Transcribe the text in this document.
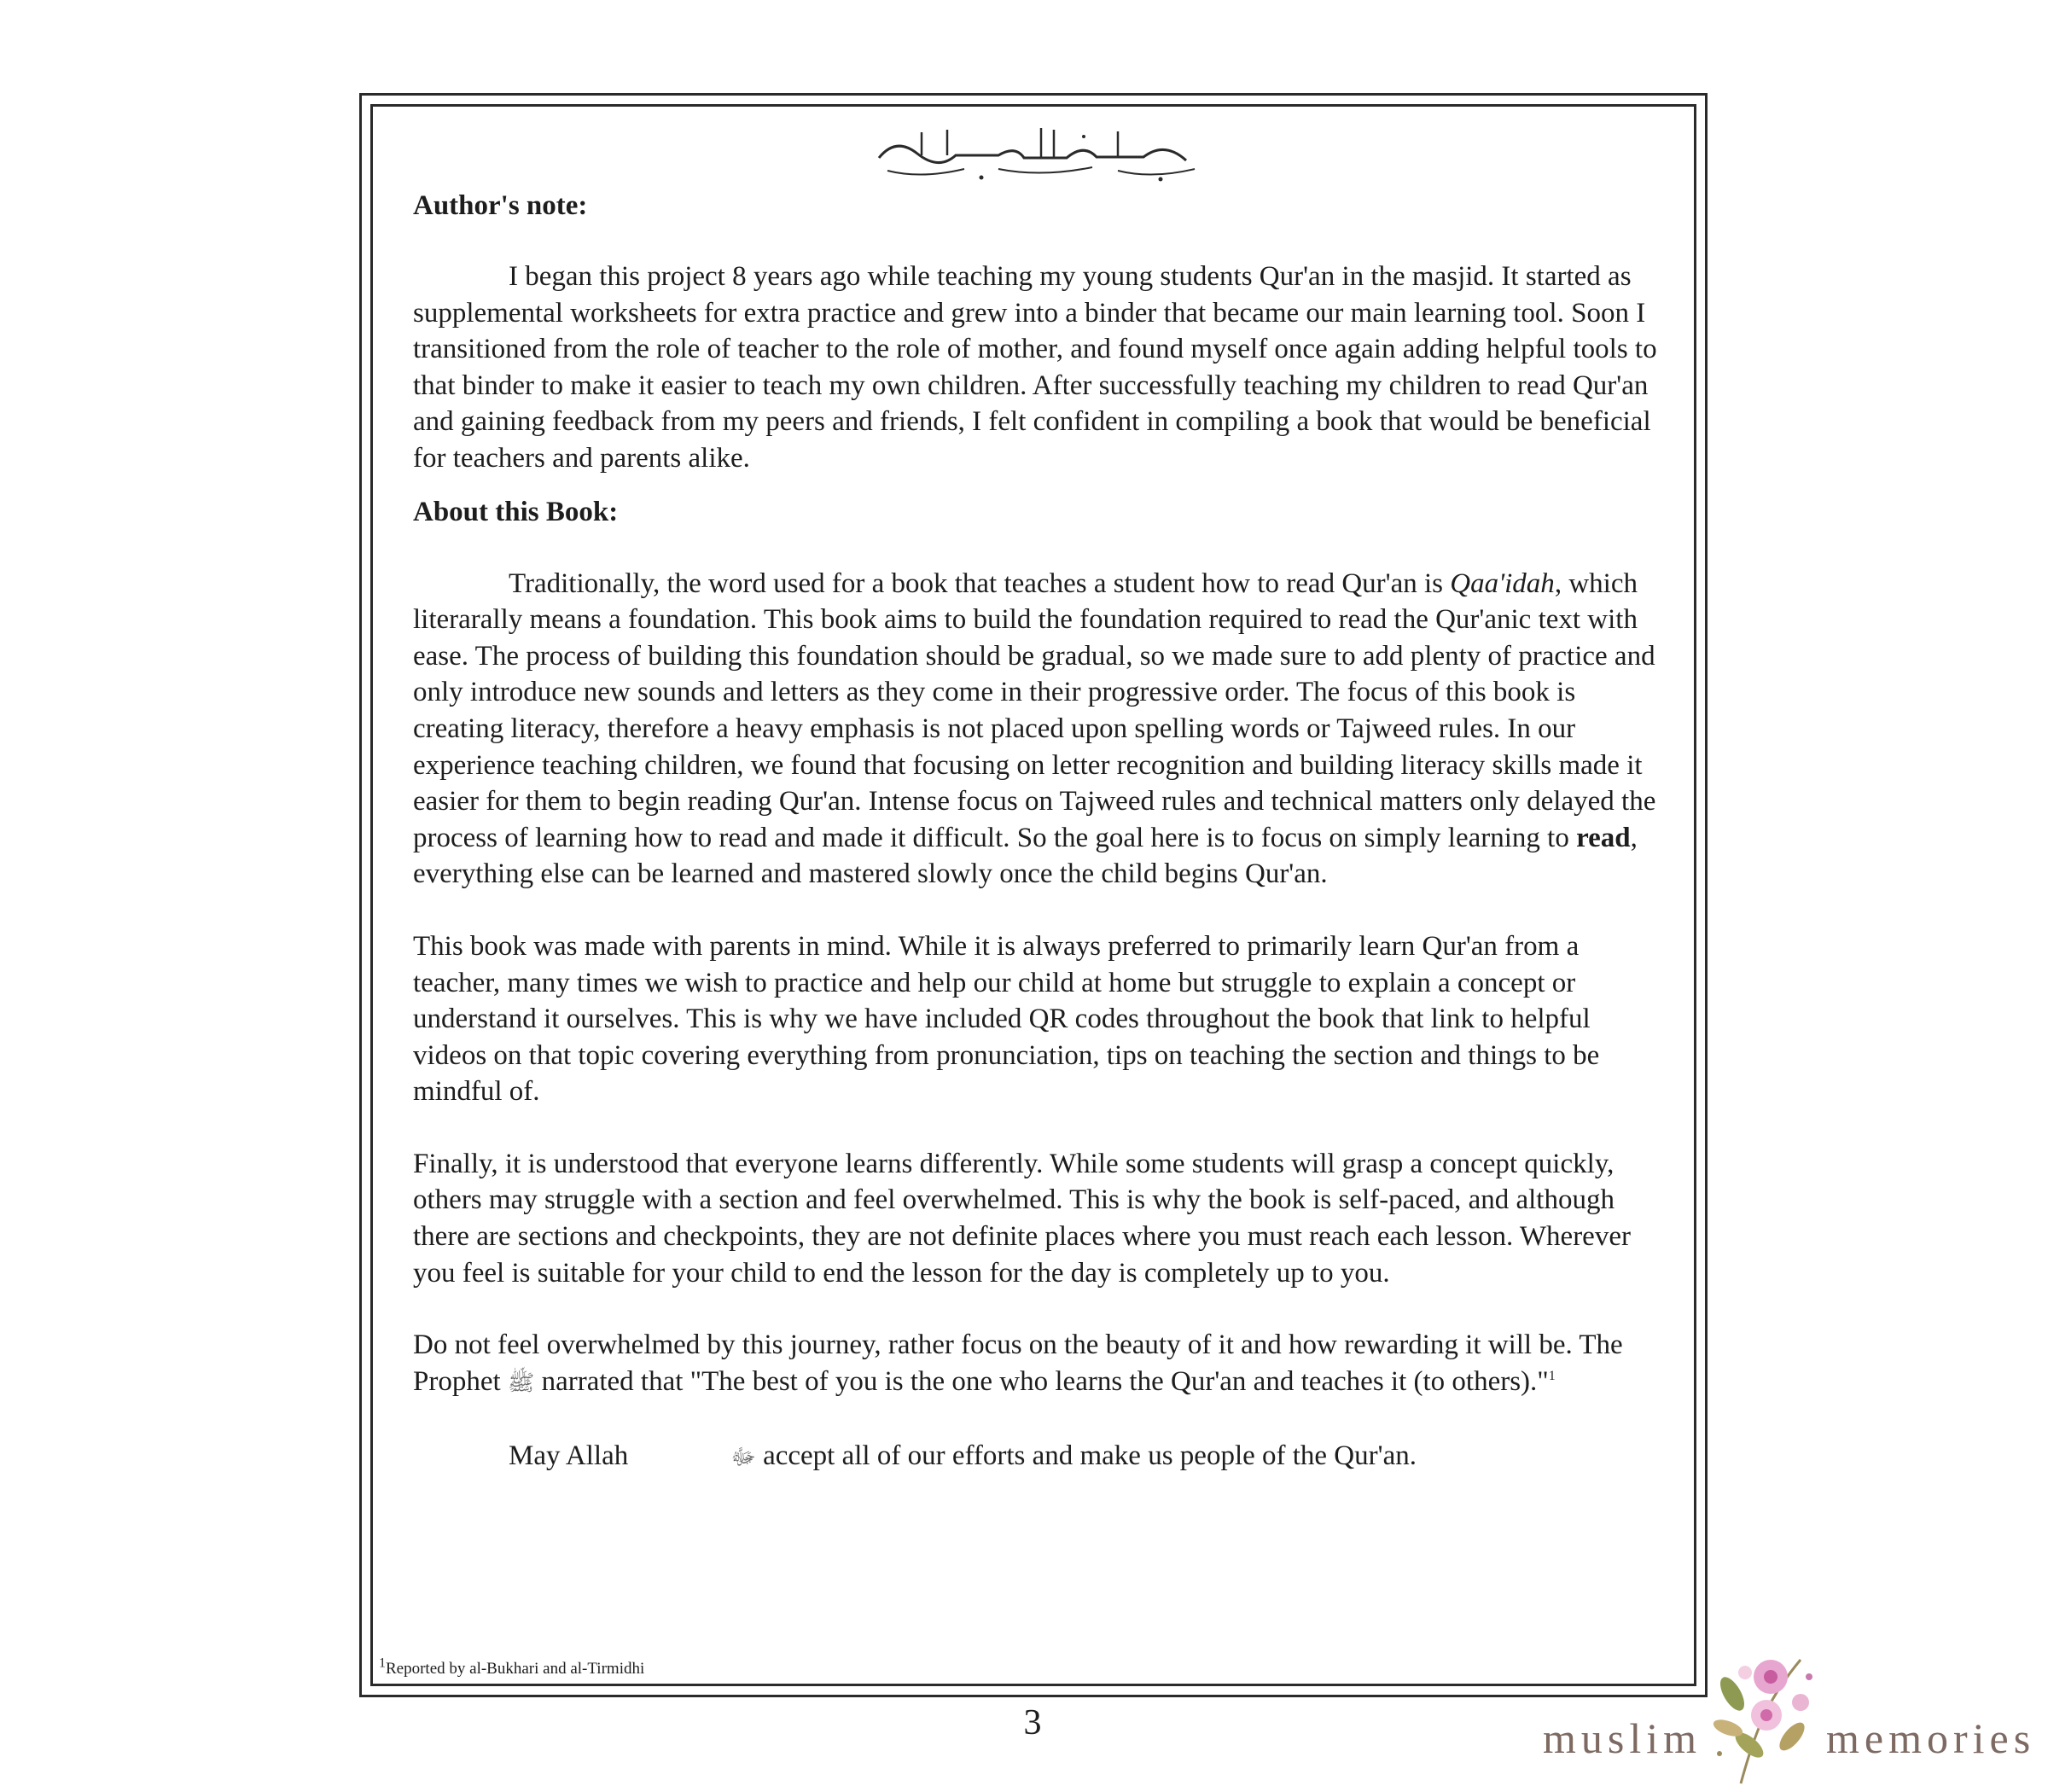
Author's note:

I began this project 8 years ago while teaching my young students Qur'an in the masjid. It started as supplemental worksheets for extra practice and grew into a binder that became our main learning tool. Soon I transitioned from the role of teacher to the role of mother, and found myself once again adding helpful tools to that binder to make it easier to teach my own children. After successfully teaching my children to read Qur'an and gaining feedback from my peers and friends, I felt confident in compiling a book that would be beneficial for teachers and parents alike.

About this Book:

Traditionally, the word used for a book that teaches a student how to read Qur'an is Qaa'idah, which literarally means a foundation. This book aims to build the foundation required to read the Qur'anic text with ease. The process of building this foundation should be gradual, so we made sure to add plenty of practice and only introduce new sounds and letters as they come in their progressive order. The focus of this book is creating literacy, therefore a heavy emphasis is not placed upon spelling words or Tajweed rules. In our experience teaching children, we found that focusing on letter recognition and building literacy skills made it easier for them to begin reading Qur'an. Intense focus on Tajweed rules and technical matters only delayed the process of learning how to read and made it difficult. So the goal here is to focus on simply learning to read, everything else can be learned and mastered slowly once the child begins Qur'an.

This book was made with parents in mind. While it is always preferred to primarily learn Qur'an from a teacher, many times we wish to practice and help our child at home but struggle to explain a concept or understand it ourselves. This is why we have included QR codes throughout the book that link to helpful videos on that topic covering everything from pronunciation, tips on teaching the section and things to be mindful of.

Finally, it is understood that everyone learns differently. While some students will grasp a concept quickly, others may struggle with a section and feel overwhelmed. This is why the book is self-paced, and although there are sections and checkpoints, they are not definite places where you must reach each lesson. Wherever you feel is suitable for your child to end the lesson for the day is completely up to you.

Do not feel overwhelmed by this journey, rather focus on the beauty of it and how rewarding it will be. The Prophet ﷺ narrated that "The best of you is the one who learns the Qur'an and teaches it (to others)."$^1$

May Allah	ﷻ accept all of our efforts and make us people of the Qur'an.

$^1$Reported by al-Bukhari and al-Tirmidhi
3	muslim	memories
